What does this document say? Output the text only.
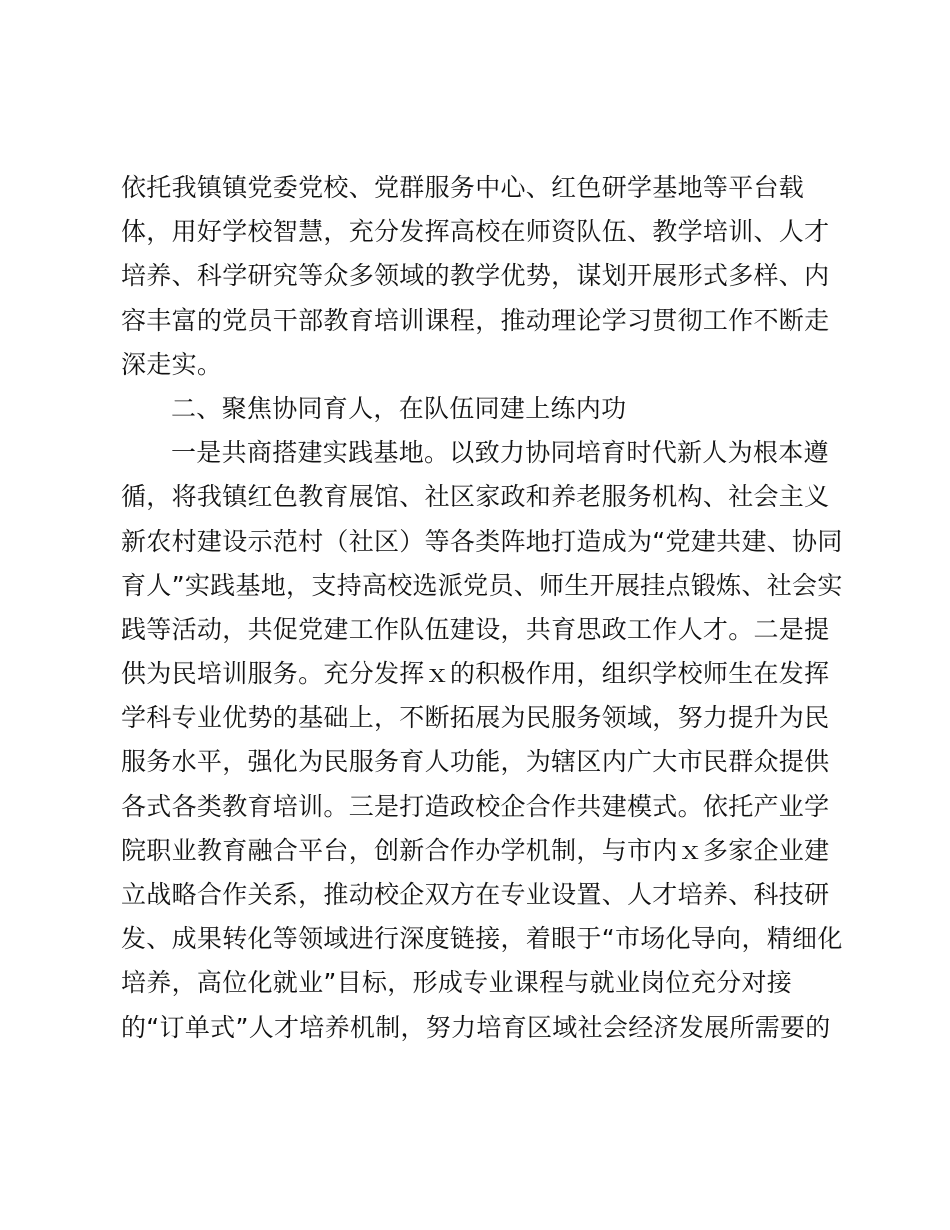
依托我镇镇党委党校、党群服务中心、红色研学基地等平台载
体，用好学校智慧，充分发挥高校在师资队伍、教学培训、人才
培养、科学研究等众多领域的教学优势，谋划开展形式多样、内
容丰富的党员干部教育培训课程，推动理论学习贯彻工作不断走
深走实。
二、聚焦协同育人，在队伍同建上练内功
一是共商搭建实践基地。以致力协同培育时代新人为根本遵
循，将我镇红色教育展馆、社区家政和养老服务机构、社会主义
新农村建设示范村（社区）等各类阵地打造成为“党建共建、协同
育人”实践基地，支持高校选派党员、师生开展挂点锻炼、社会实
践等活动，共促党建工作队伍建设，共育思政工作人才。二是提
供为民培训服务。充分发挥ｘ的积极作用，组织学校师生在发挥
学科专业优势的基础上，不断拓展为民服务领域，努力提升为民
服务水平，强化为民服务育人功能，为辖区内广大市民群众提供
各式各类教育培训。三是打造政校企合作共建模式。依托产业学
院职业教育融合平台，创新合作办学机制，与市内ｘ多家企业建
立战略合作关系，推动校企双方在专业设置、人才培养、科技研
发、成果转化等领域进行深度链接，着眼于“市场化导向，精细化
培养，高位化就业”目标，形成专业课程与就业岗位充分对接
的“订单式”人才培养机制，努力培育区域社会经济发展所需要的
